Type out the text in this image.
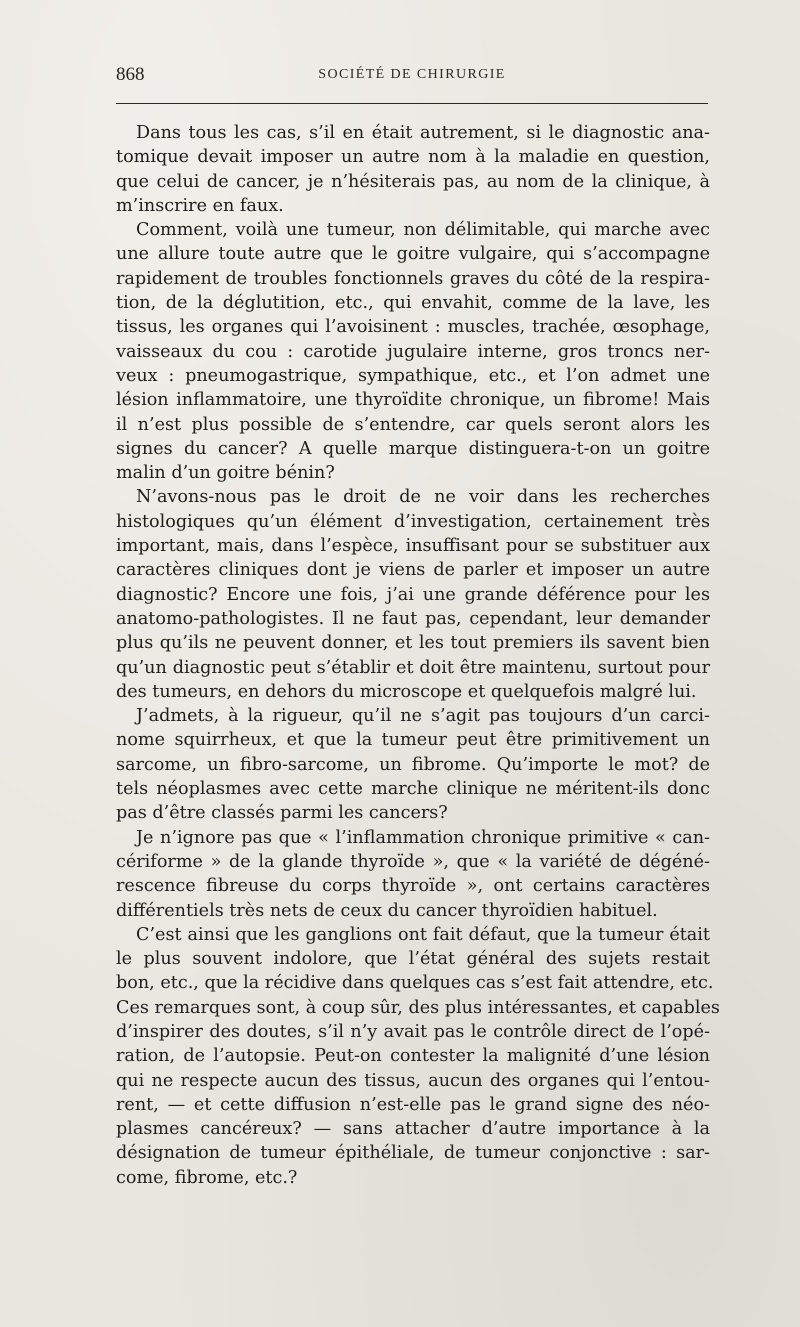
868	SOCIÉTÉ DE CHIRURGIE
Dans tous les cas, s’il en était autrement, si le diagnostic ana-
tomique devait imposer un autre nom à la maladie en question,
que celui de cancer, je n’hésiterais pas, au nom de la clinique, à
m’inscrire en faux.
Comment, voilà une tumeur, non délimitable, qui marche avec
une allure toute autre que le goitre vulgaire, qui s’accompagne
rapidement de troubles fonctionnels graves du côté de la respira-
tion, de la déglutition, etc., qui envahit, comme de la lave, les
tissus, les organes qui l’avoisinent : muscles, trachée, œsophage,
vaisseaux du cou : carotide jugulaire interne, gros troncs ner-
veux : pneumogastrique, sympathique, etc., et l’on admet une
lésion inflammatoire, une thyroïdite chronique, un fibrome! Mais
il n’est plus possible de s’entendre, car quels seront alors les
signes du cancer? A quelle marque distinguera-t-on un goitre
malin d’un goitre bénin?
N’avons-nous pas le droit de ne voir dans les recherches
histologiques qu’un élément d’investigation, certainement très
important, mais, dans l’espèce, insuffisant pour se substituer aux
caractères cliniques dont je viens de parler et imposer un autre
diagnostic? Encore une fois, j’ai une grande déférence pour les
anatomo-pathologistes. Il ne faut pas, cependant, leur demander
plus qu’ils ne peuvent donner, et les tout premiers ils savent bien
qu’un diagnostic peut s’établir et doit être maintenu, surtout pour
des tumeurs, en dehors du microscope et quelquefois malgré lui.
J’admets, à la rigueur, qu’il ne s’agit pas toujours d’un carci-
nome squirrheux, et que la tumeur peut être primitivement un
sarcome, un fibro-sarcome, un fibrome. Qu’importe le mot? de
tels néoplasmes avec cette marche clinique ne méritent-ils donc
pas d’être classés parmi les cancers?
Je n’ignore pas que « l’inflammation chronique primitive « can-
cériforme » de la glande thyroïde », que « la variété de dégéné-
rescence fibreuse du corps thyroïde », ont certains caractères
différentiels très nets de ceux du cancer thyroïdien habituel.
C’est ainsi que les ganglions ont fait défaut, que la tumeur était
le plus souvent indolore, que l’état général des sujets restait
bon, etc., que la récidive dans quelques cas s’est fait attendre, etc.
Ces remarques sont, à coup sûr, des plus intéressantes, et capables
d’inspirer des doutes, s’il n’y avait pas le contrôle direct de l’opé-
ration, de l’autopsie. Peut-on contester la malignité d’une lésion
qui ne respecte aucun des tissus, aucun des organes qui l’entou-
rent, — et cette diffusion n’est-elle pas le grand signe des néo-
plasmes cancéreux? — sans attacher d’autre importance à la
désignation de tumeur épithéliale, de tumeur conjonctive : sar-
come, fibrome, etc.?
